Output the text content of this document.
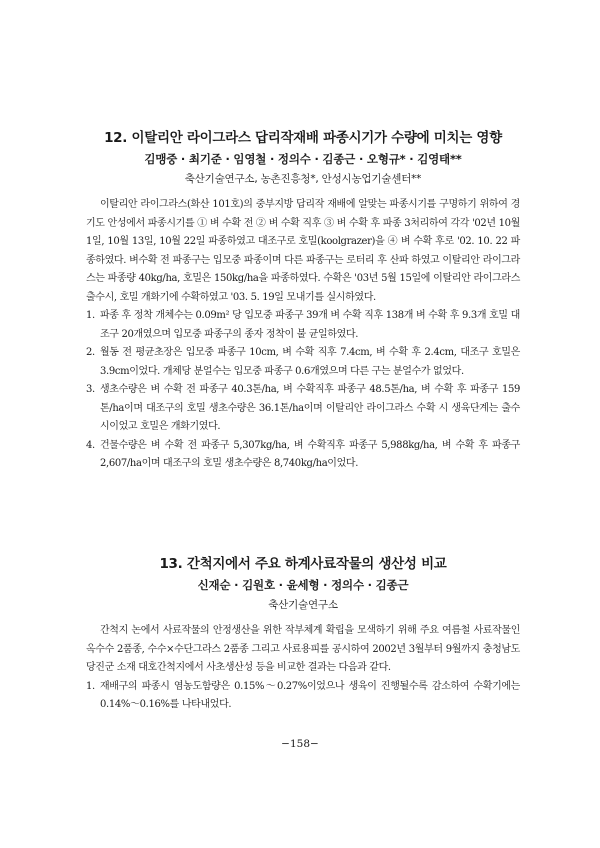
12. 이탈리안 라이그라스 답리작재배 파종시기가 수량에 미치는 영향
김맹중 · 최기준 · 임영철 · 정의수 · 김종근 · 오형규* · 김영태**
축산기술연구소, 농촌진흥청*, 안성시농업기술센터**

이탈리안 라이그라스(화산 101호)의 중부지방 답리작 재배에 알맞는 파종시기를 구명하기 위하여 경기도 안성에서 파종시기를 ① 벼 수확 전 ② 벼 수확 직후 ③ 벼 수확 후 파종 3처리하여 각각 '02년 10월 1일, 10월 13일, 10월 22일 파종하였고 대조구로 호밀(koolgrazer)을 ④ 벼 수확 후로 '02. 10. 22 파종하였다. 벼수확 전 파종구는 입모중 파종이며 다른 파종구는 로터리 후 산파 하였고 이탈리안 라이그라스는 파종량 40kg/ha, 호밀은 150kg/ha을 파종하였다. 수확은 '03년 5월 15일에 이탈리안 라이그라스 출수시, 호밀 개화기에 수확하였고 '03. 5. 19일 모내기를 실시하였다.

1. 파종 후 정착 개체수는 0.09m² 당 입모중 파종구 39개 벼 수확 직후 138개 벼 수확 후 9.3개 호밀 대조구 20개였으며 입모중 파종구의 종자 정착이 불 균일하였다.
2. 월동 전 평균초장은 입모중 파종구 10cm, 벼 수확 직후 7.4cm, 벼 수확 후 2.4cm, 대조구 호밀은 3.9cm이었다. 개체당 분얼수는 입모중 파종구 0.6개였으며 다른 구는 분얼수가 없었다.
3. 생초수량은 벼 수확 전 파종구 40.3톤/ha, 벼 수확직후 파종구 48.5톤/ha, 벼 수확 후 파종구 159톤/ha이며 대조구의 호밀 생초수량은 36.1톤/ha이며 이탈리안 라이그라스 수확 시 생육단계는 출수 시이었고 호밀은 개화기였다.
4. 건물수량은 벼 수확 전 파종구 5,307kg/ha, 벼 수확직후 파종구 5,988kg/ha, 벼 수확 후 파종구 2,607/ha이며 대조구의 호밀 생초수량은 8,740kg/ha이었다.
13. 간척지에서 주요 하계사료작물의 생산성 비교
신재순 · 김원호 · 윤세형 · 정의수 · 김종근
축산기술연구소

간척지 논에서 사료작물의 안정생산을 위한 작부체계 확립을 모색하기 위해 주요 여름철 사료작물인 옥수수 2품종, 수수×수단그라스 2품종 그리고 사료용피를 공시하여 2002년 3월부터 9월까지 충청남도 당진군 소재 대호간척지에서 사초생산성 등을 비교한 결과는 다음과 같다.

1. 재배구의 파종시 염농도함량은 0.15%～0.27%이었으나 생육이 진행될수록 감소하여 수확기에는 0.14%～0.16%를 나타내었다.
−158−
